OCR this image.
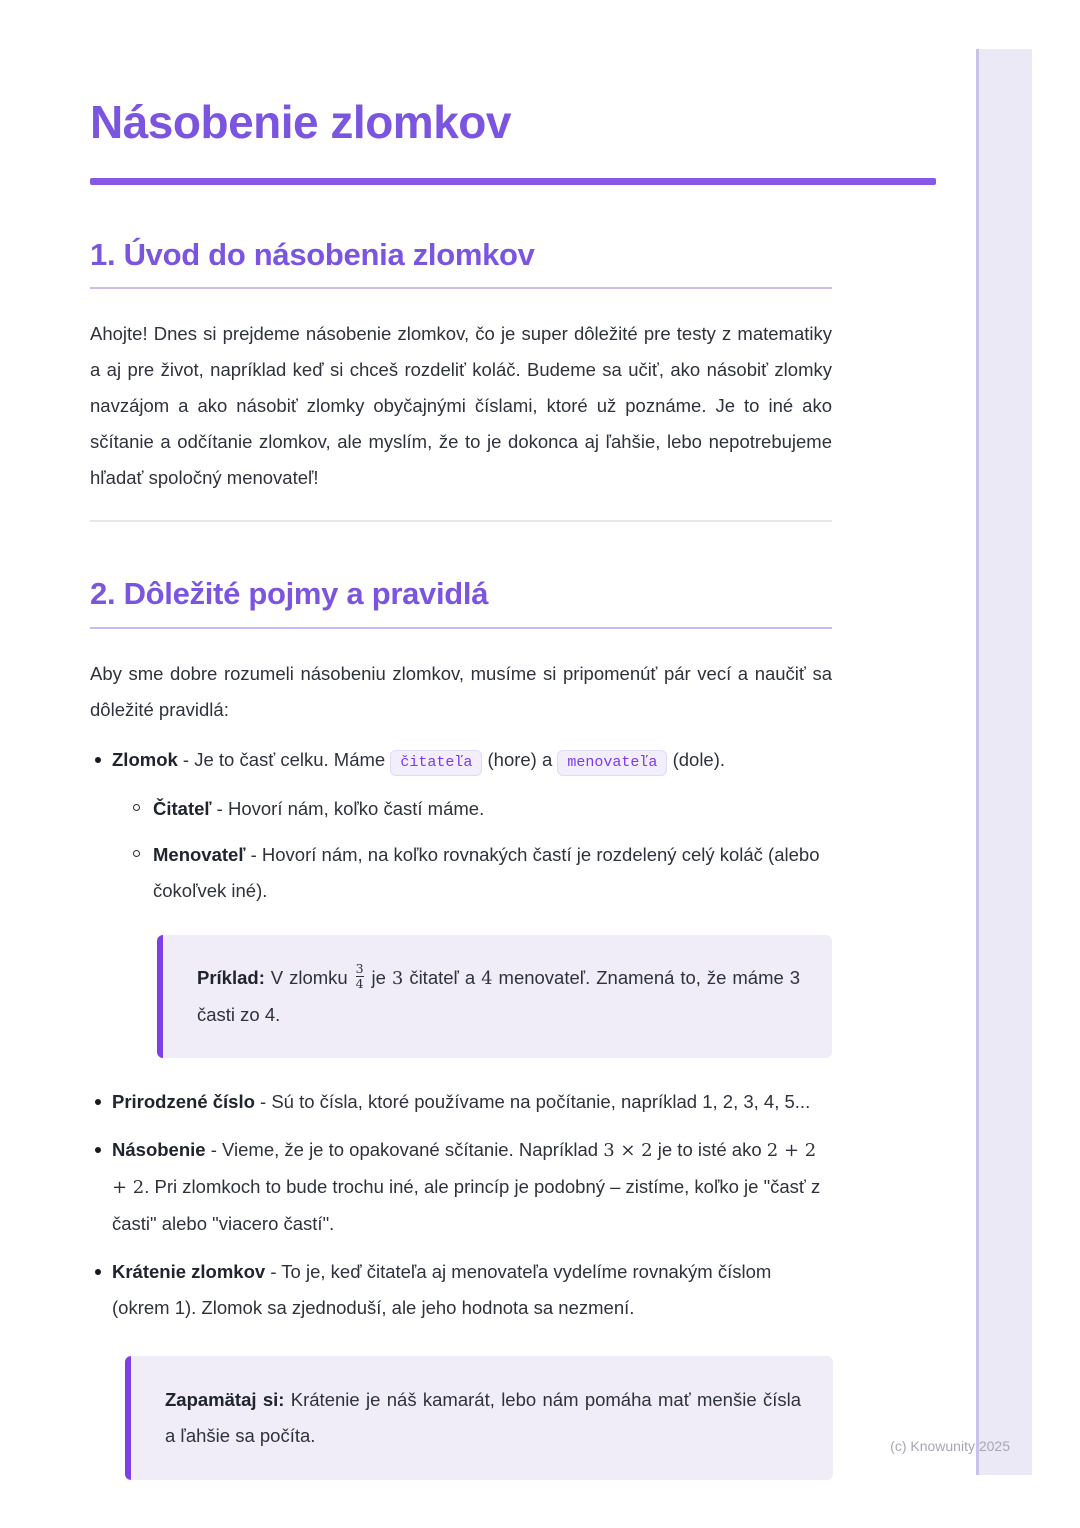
Násobenie zlomkov
1. Úvod do násobenia zlomkov

Ahojte! Dnes si prejdeme násobenie zlomkov, čo je super dôležité pre testy z matematiky a aj pre život, napríklad keď si chceš rozdeliť koláč. Budeme sa učiť, ako násobiť zlomky navzájom a ako násobiť zlomky obyčajnými číslami, ktoré už poznáme. Je to iné ako sčítanie a odčítanie zlomkov, ale myslím, že to je dokonca aj ľahšie, lebo nepotrebujeme hľadať spoločný menovateľ!

2. Dôležité pojmy a pravidlá

Aby sme dobre rozumeli násobeniu zlomkov, musíme si pripomenúť pár vecí a naučiť sa dôležité pravidlá:

Zlomok - Je to časť celku. Máme čitateľa (hore) a menovateľa (dole).
Čitateľ - Hovorí nám, koľko častí máme.
Menovateľ - Hovorí nám, na koľko rovnakých častí je rozdelený celý koláč (alebo čokoľvek iné).
Príklad: V zlomku $\frac{3}{4}$ je 3 čitateľ a 4 menovateľ. Znamená to, že máme 3 časti zo 4.
Prirodzené číslo - Sú to čísla, ktoré používame na počítanie, napríklad 1, 2, 3, 4, 5...
Násobenie - Vieme, že je to opakované sčítanie. Napríklad 3 × 2 je to isté ako 2 + 2 + 2. Pri zlomkoch to bude trochu iné, ale princíp je podobný – zistíme, koľko je "časť z časti" alebo "viacero častí".
Krátenie zlomkov - To je, keď čitateľa aj menovateľa vydelíme rovnakým číslom (okrem 1). Zlomok sa zjednoduší, ale jeho hodnota sa nezmení.
Zapamätaj si: Krátenie je náš kamarát, lebo nám pomáha mať menšie čísla a ľahšie sa počíta.
(c) Knowunity 2025
